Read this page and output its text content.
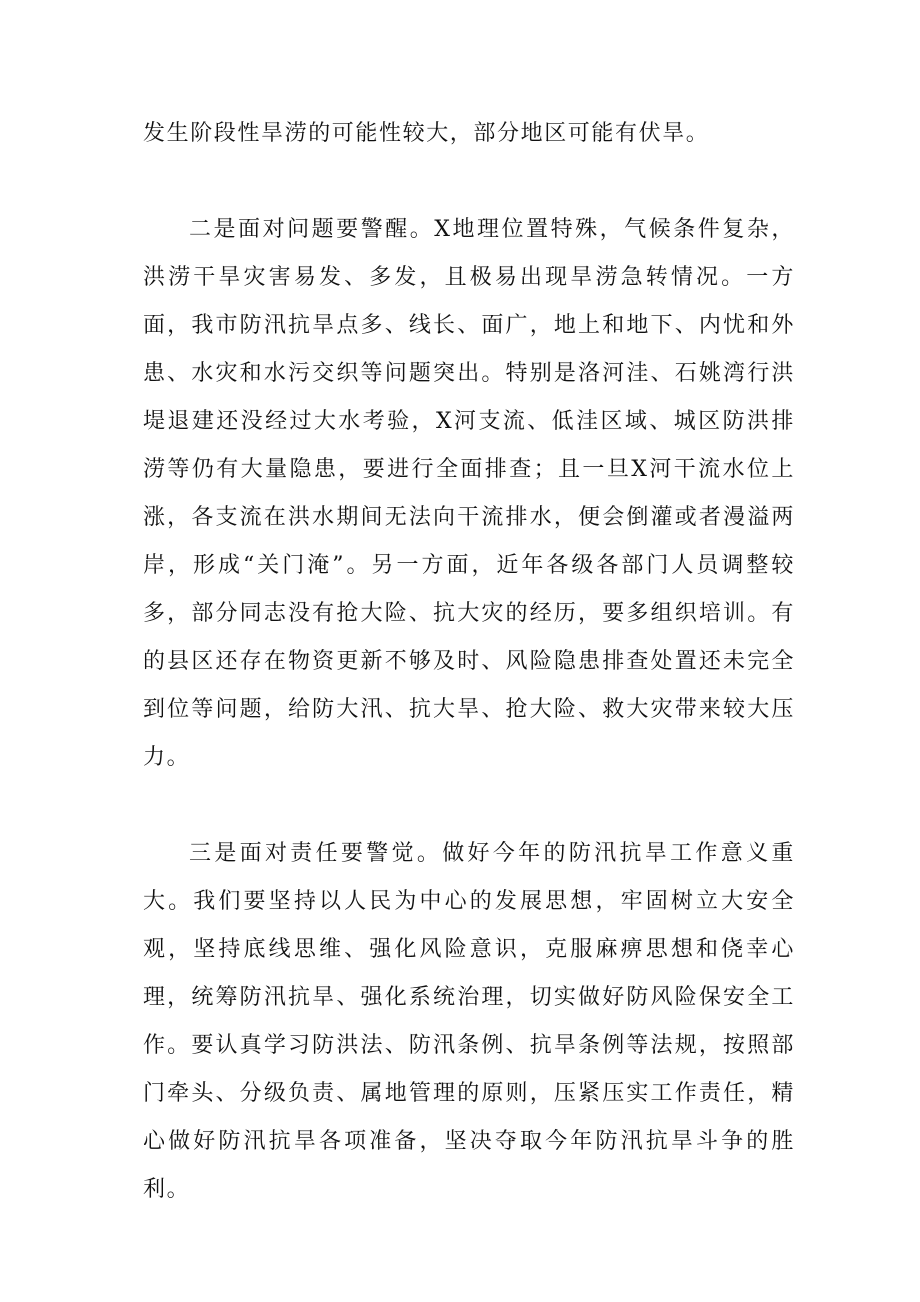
发生阶段性旱涝的可能性较大，部分地区可能有伏旱。

二是面对问题要警醒。X地理位置特殊，气候条件复杂，洪涝干旱灾害易发、多发，且极易出现旱涝急转情况。一方面，我市防汛抗旱点多、线长、面广，地上和地下、内忧和外患、水灾和水污交织等问题突出。特别是洛河洼、石姚湾行洪堤退建还没经过大水考验，X河支流、低洼区域、城区防洪排涝等仍有大量隐患，要进行全面排查；且一旦X河干流水位上涨，各支流在洪水期间无法向干流排水，便会倒灌或者漫溢两岸，形成“关门淹”。另一方面，近年各级各部门人员调整较多，部分同志没有抢大险、抗大灾的经历，要多组织培训。有的县区还存在物资更新不够及时、风险隐患排查处置还未完全到位等问题，给防大汛、抗大旱、抢大险、救大灾带来较大压力。

三是面对责任要警觉。做好今年的防汛抗旱工作意义重大。我们要坚持以人民为中心的发展思想，牢固树立大安全观，坚持底线思维、强化风险意识，克服麻痹思想和侥幸心理，统筹防汛抗旱、强化系统治理，切实做好防风险保安全工作。要认真学习防洪法、防汛条例、抗旱条例等法规，按照部门牵头、分级负责、属地管理的原则，压紧压实工作责任，精心做好防汛抗旱各项准备，坚决夺取今年防汛抗旱斗争的胜利。
